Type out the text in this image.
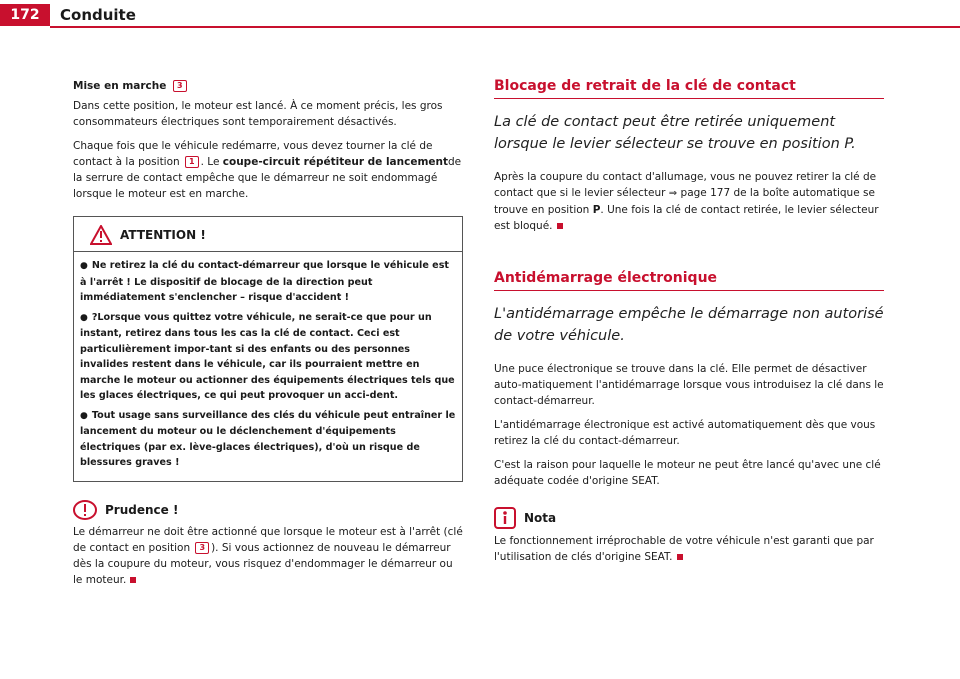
172	Conduite
Mise en marche 3

Dans cette position, le moteur est lancé. À ce moment précis, les gros consommateurs électriques sont temporairement désactivés.

Chaque fois que le véhicule redémarre, vous devez tourner la clé de contact à la position 1 . Le coupe-circuit répétiteur de lancementde la serrure de contact empêche que le démarreur ne soit endommagé lorsque le moteur est en marche.

ATTENTION !
● Ne retirez la clé du contact-démarreur que lorsque le véhicule est à l'arrêt ! Le dispositif de blocage de la direction peut immédiatement s'enclencher – risque d'accident !
● ?Lorsque vous quittez votre véhicule, ne serait-ce que pour un instant, retirez dans tous les cas la clé de contact. Ceci est particulièrement impor-tant si des enfants ou des personnes invalides restent dans le véhicule, car ils pourraient mettre en marche le moteur ou actionner des équipements électriques tels que les glaces électriques, ce qui peut provoquer un acci-dent.
● Tout usage sans surveillance des clés du véhicule peut entraîner le lancement du moteur ou le déclenchement d'équipements électriques (par ex. lève-glaces électriques), d'où un risque de blessures graves !
Prudence !

Le démarreur ne doit être actionné que lorsque le moteur est à l'arrêt (clé de contact en position 3 ). Si vous actionnez de nouveau le démarreur dès la coupure du moteur, vous risquez d'endommager le démarreur ou le moteur.

Blocage de retrait de la clé de contact
La clé de contact peut être retirée uniquement lorsque le levier sélecteur se trouve en position P.

Après la coupure du contact d'allumage, vous ne pouvez retirer la clé de contact que si le levier sélecteur ⇒ page 177 de la boîte automatique se trouve en position P. Une fois la clé de contact retirée, le levier sélecteur est bloqué.

Antidémarrage électronique
L'antidémarrage empêche le démarrage non autorisé de votre véhicule.

Une puce électronique se trouve dans la clé. Elle permet de désactiver auto-matiquement l'antidémarrage lorsque vous introduisez la clé dans le contact-démarreur.

L'antidémarrage électronique est activé automatiquement dès que vous retirez la clé du contact-démarreur.

C'est la raison pour laquelle le moteur ne peut être lancé qu'avec une clé adéquate codée d'origine SEAT.

Nota

Le fonctionnement irréprochable de votre véhicule n'est garanti que par l'utilisation de clés d'origine SEAT.
